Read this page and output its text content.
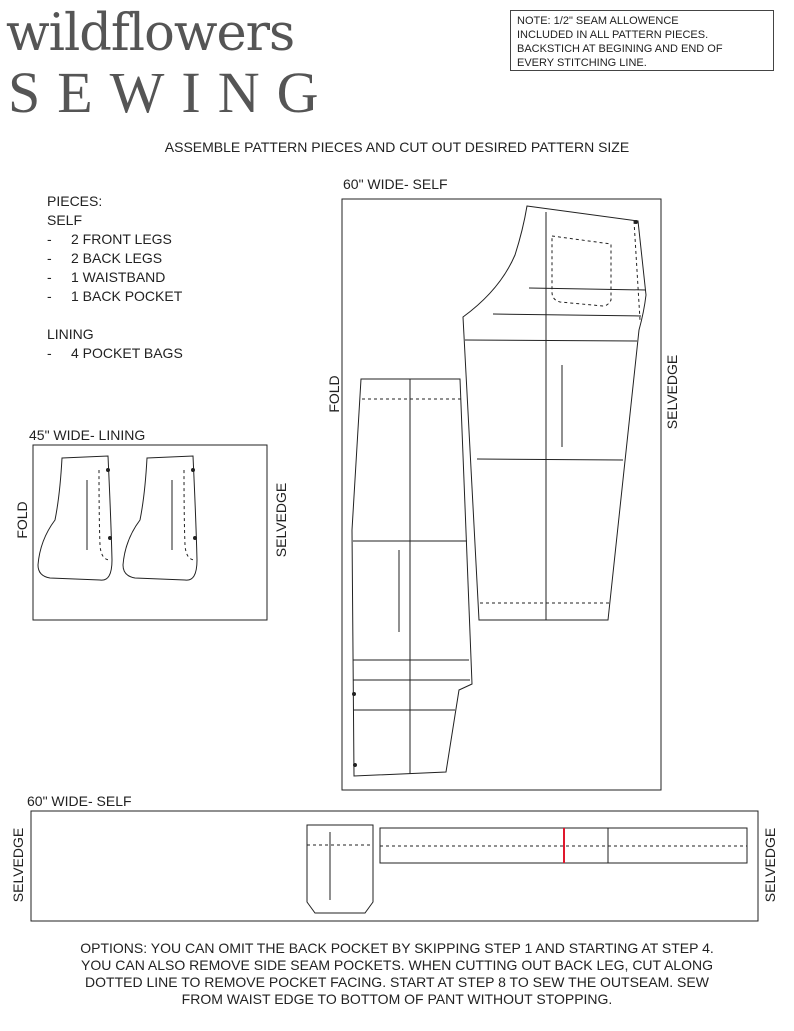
wildflowers
SEWING
NOTE: 1/2" SEAM ALLOWENCE
INCLUDED IN ALL PATTERN PIECES.
BACKSTICH AT BEGINING AND END OF
EVERY STITCHING LINE.
ASSEMBLE PATTERN PIECES AND CUT OUT DESIRED PATTERN SIZE
PIECES:
SELF
- 2 FRONT LEGS
- 2 BACK LEGS
- 1 WAISTBAND
- 1 BACK POCKET
LINING
- 4 POCKET BAGS
60" WIDE- SELF
FOLD	SELVEDGE
45" WIDE- LINING
FOLD	SELVEDGE
60" WIDE- SELF
SELVEDGE	SELVEDGE
OPTIONS: YOU CAN OMIT THE BACK POCKET BY SKIPPING STEP 1 AND STARTING AT STEP 4.
YOU CAN ALSO REMOVE SIDE SEAM POCKETS. WHEN CUTTING OUT BACK LEG, CUT ALONG
DOTTED LINE TO REMOVE POCKET FACING. START AT STEP 8 TO SEW THE OUTSEAM. SEW
FROM WAIST EDGE TO BOTTOM OF PANT WITHOUT STOPPING.
